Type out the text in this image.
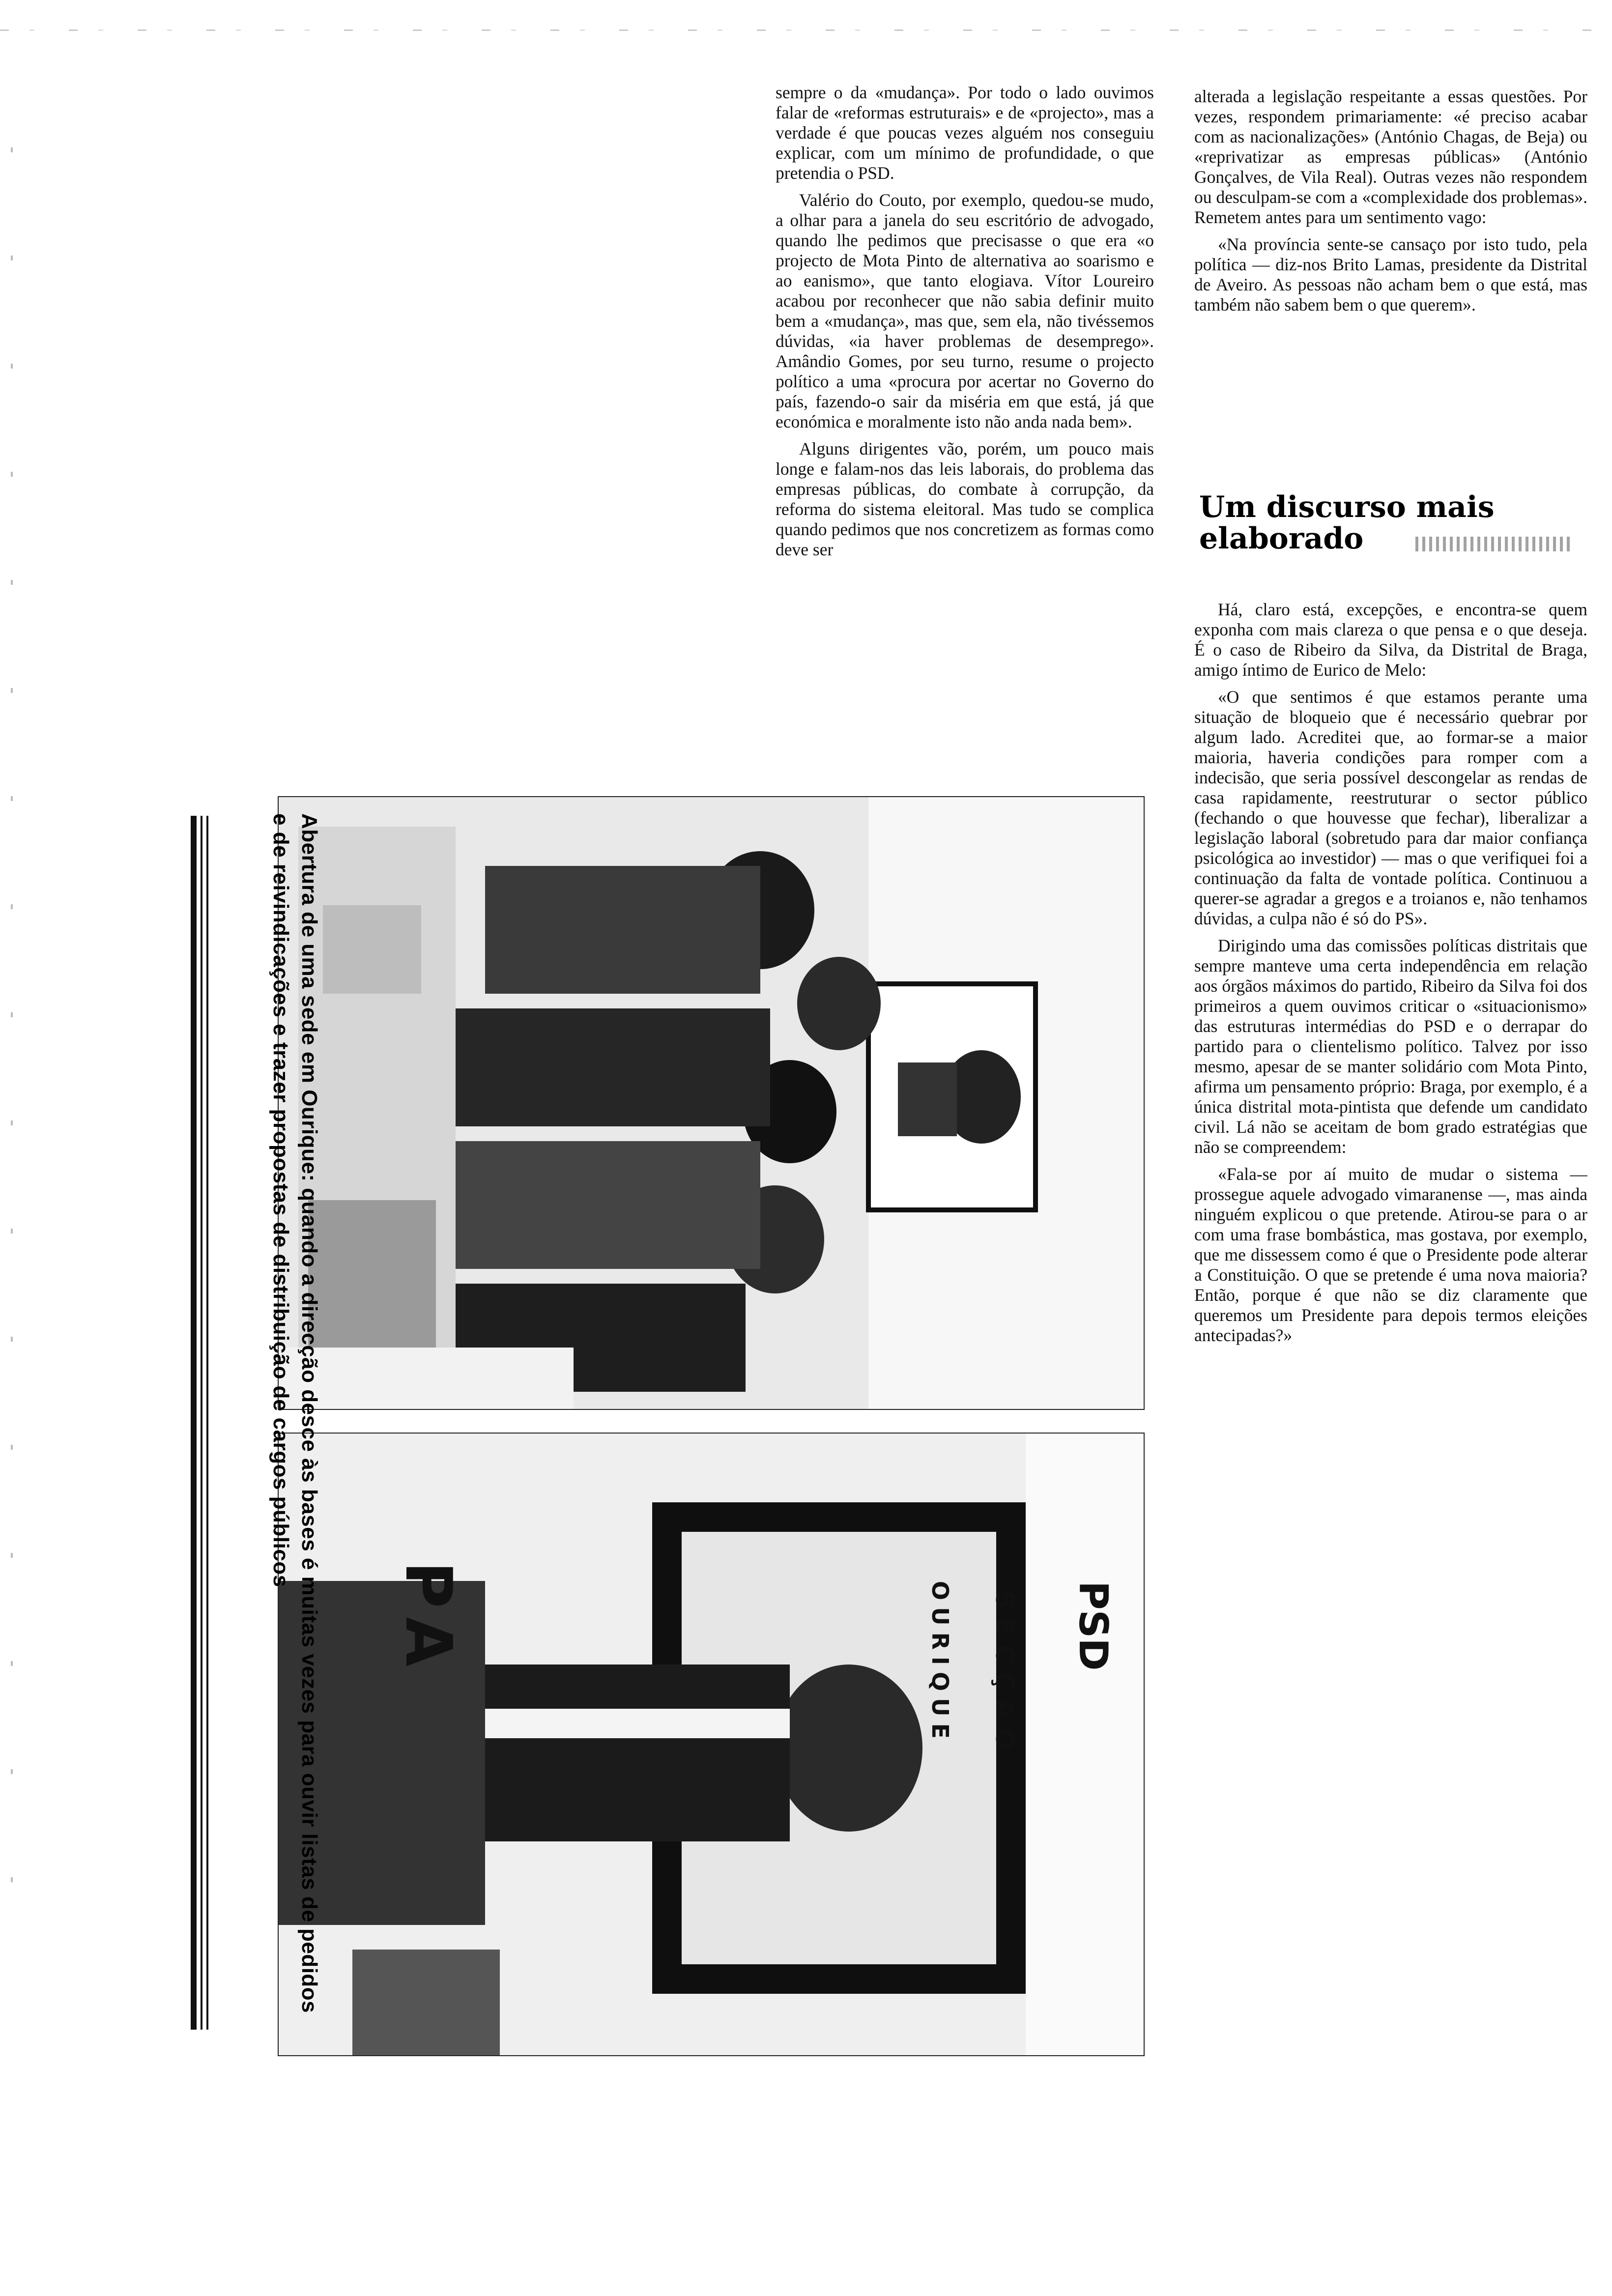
sempre o da «mudança». Por todo o lado ouvimos falar de «reformas estruturais» e de «projecto», mas a verdade é que poucas vezes alguém nos conseguiu explicar, com um mínimo de profundidade, o que pretendia o PSD.

Valério do Couto, por exemplo, quedou-se mudo, a olhar para a janela do seu escritório de advogado, quando lhe pedimos que precisasse o que era «o projecto de Mota Pinto de alternativa ao soarismo e ao eanismo», que tanto elogiava. Vítor Loureiro acabou por reconhecer que não sabia definir muito bem a «mudança», mas que, sem ela, não tivéssemos dúvidas, «ia haver problemas de desemprego». Amândio Gomes, por seu turno, resume o projecto político a uma «procura por acertar no Governo do país, fazendo-o sair da miséria em que está, já que económica e moralmente isto não anda nada bem».

Alguns dirigentes vão, porém, um pouco mais longe e falam-nos das leis laborais, do problema das empresas públicas, do combate à corrupção, da reforma do sistema eleitoral. Mas tudo se complica quando pedimos que nos concretizem as formas como deve ser

alterada a legislação respeitante a essas questões. Por vezes, respondem primariamente: «é preciso acabar com as nacionalizações» (António Chagas, de Beja) ou «reprivatizar as empresas públicas» (António Gonçalves, de Vila Real). Outras vezes não respondem ou desculpam-se com a «complexidade dos problemas». Remetem antes para um sentimento vago:

«Na província sente-se cansaço por isto tudo, pela política — diz-nos Brito Lamas, presidente da Distrital de Aveiro. As pessoas não acham bem o que está, mas também não sabem bem o que querem».

Um discurso mais elaborado

Há, claro está, excepções, e encontra-se quem exponha com mais clareza o que pensa e o que deseja. É o caso de Ribeiro da Silva, da Distrital de Braga, amigo íntimo de Eurico de Melo:

«O que sentimos é que estamos perante uma situação de bloqueio que é necessário quebrar por algum lado. Acreditei que, ao formar-se a maior maioria, haveria condições para romper com a indecisão, que seria possível descongelar as rendas de casa rapidamente, reestruturar o sector público (fechando o que houvesse que fechar), liberalizar a legislação laboral (sobretudo para dar maior confiança psicológica ao investidor) — mas o que verifiquei foi a continuação da falta de vontade política. Continuou a querer-se agradar a gregos e a troianos e, não tenhamos dúvidas, a culpa não é só do PS».

Dirigindo uma das comissões políticas distritais que sempre manteve uma certa independência em relação aos órgãos máximos do partido, Ribeiro da Silva foi dos primeiros a quem ouvimos criticar o «situacionismo» das estruturas intermédias do PSD e o derrapar do partido para o clientelismo político. Talvez por isso mesmo, apesar de se manter solidário com Mota Pinto, afirma um pensamento próprio: Braga, por exemplo, é a única distrital mota-pintista que defende um candidato civil. Lá não se aceitam de bom grado estratégias que não se compreendem:

«Fala-se por aí muito de mudar o sistema — prossegue aquele advogado vimaranense —, mas ainda ninguém explicou o que pretende. Atirou-se para o ar com uma frase bombástica, mas gostava, por exemplo, que me dissessem como é que o Presidente pode alterar a Constituição. O que se pretende é uma nova maioria? Então, porque é que não se diz claramente que queremos um Presidente para depois termos eleições antecipadas?»

PSD
SECÇÃO
OURIQUE
PA
Abertura de uma sede em Ourique: quando a direcção desce às bases é muitas vezes para ouvir listas de pedidos e de reivindicações e trazer propostas de distribuição de cargos públicos
